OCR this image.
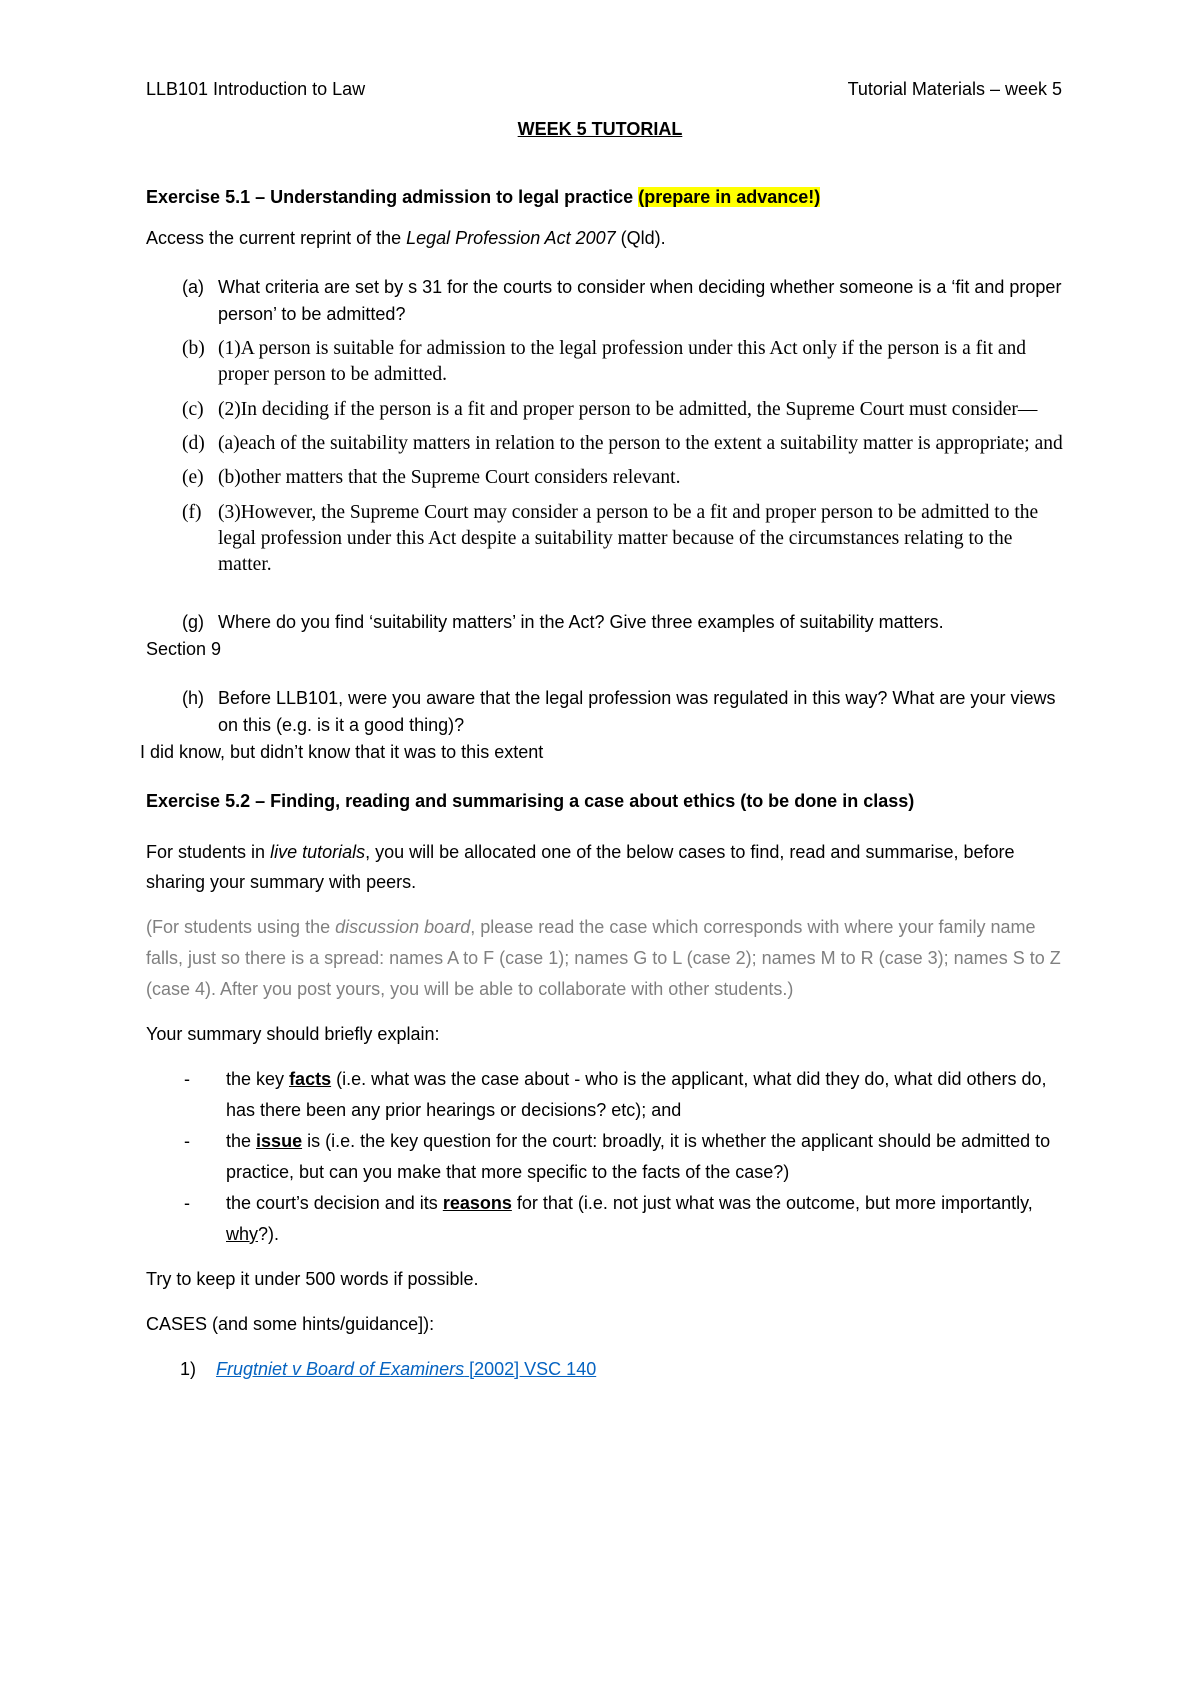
LLB101 Introduction to Law	Tutorial Materials – week 5
WEEK 5 TUTORIAL

Exercise 5.1 – Understanding admission to legal practice (prepare in advance!)

Access the current reprint of the Legal Profession Act 2007 (Qld).

(a) What criteria are set by s 31 for the courts to consider when deciding whether someone is a ‘fit and proper person’ to be admitted?
(b) (1)A person is suitable for admission to the legal profession under this Act only if the person is a fit and proper person to be admitted.
(c) (2)In deciding if the person is a fit and proper person to be admitted, the Supreme Court must consider—
(d) (a)each of the suitability matters in relation to the person to the extent a suitability matter is appropriate; and
(e) (b)other matters that the Supreme Court considers relevant.
(f) (3)However, the Supreme Court may consider a person to be a fit and proper person to be admitted to the legal profession under this Act despite a suitability matter because of the circumstances relating to the matter.
(g) Where do you find ‘suitability matters’ in the Act? Give three examples of suitability matters.

Section 9

(h) Before LLB101, were you aware that the legal profession was regulated in this way? What are your views on this (e.g. is it a good thing)?

I did know, but didn’t know that it was to this extent

Exercise 5.2 – Finding, reading and summarising a case about ethics (to be done in class)

For students in live tutorials, you will be allocated one of the below cases to find, read and summarise, before sharing your summary with peers.

(For students using the discussion board, please read the case which corresponds with where your family name falls, just so there is a spread: names A to F (case 1); names G to L (case 2); names M to R (case 3); names S to Z (case 4). After you post yours, you will be able to collaborate with other students.)

Your summary should briefly explain:

-	the key facts (i.e. what was the case about - who is the applicant, what did they do, what did others do, has there been any prior hearings or decisions? etc); and
-	the issue is (i.e. the key question for the court: broadly, it is whether the applicant should be admitted to practice, but can you make that more specific to the facts of the case?)
-	the court’s decision and its reasons for that (i.e. not just what was the outcome, but more importantly, why?).

Try to keep it under 500 words if possible.

CASES (and some hints/guidance]):

1)	Frugtniet v Board of Examiners [2002] VSC 140
